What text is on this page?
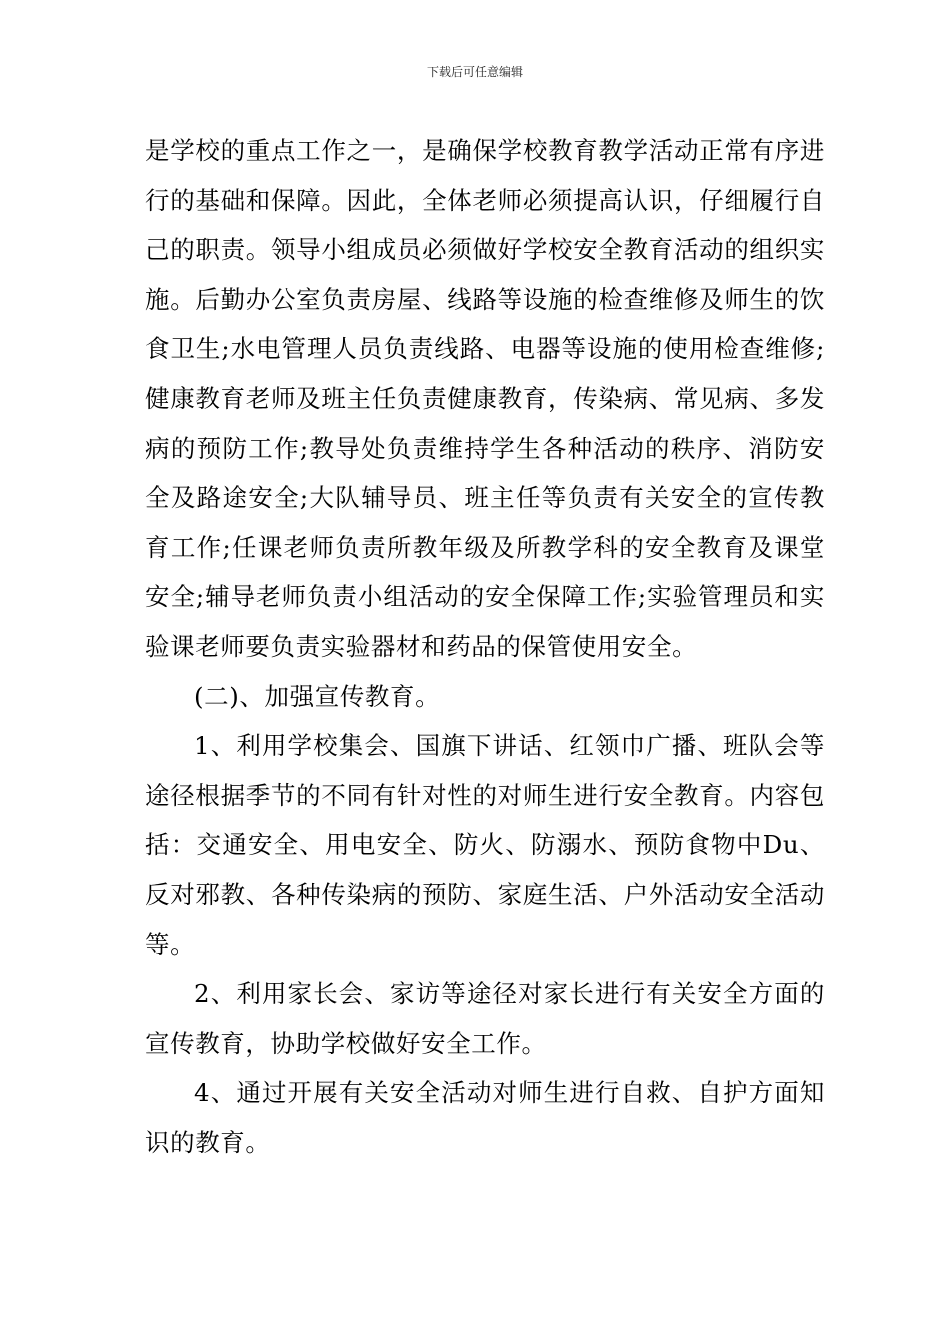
下载后可任意编辑

是学校的重点工作之一，是确保学校教育教学活动正常有序进行的基础和保障。因此，全体老师必须提高认识，仔细履行自己的职责。领导小组成员必须做好学校安全教育活动的组织实施。后勤办公室负责房屋、线路等设施的检查维修及师生的饮食卫生;水电管理人员负责线路、电器等设施的使用检查维修;健康教育老师及班主任负责健康教育，传染病、常见病、多发病的预防工作;教导处负责维持学生各种活动的秩序、消防安全及路途安全;大队辅导员、班主任等负责有关安全的宣传教育工作;任课老师负责所教年级及所教学科的安全教育及课堂安全;辅导老师负责小组活动的安全保障工作;实验管理员和实验课老师要负责实验器材和药品的保管使用安全。

(二)、加强宣传教育。

1、利用学校集会、国旗下讲话、红领巾广播、班队会等途径根据季节的不同有针对性的对师生进行安全教育。内容包括：交通安全、用电安全、防火、防溺水、预防食物中Du、反对邪教、各种传染病的预防、家庭生活、户外活动安全活动等。

2、利用家长会、家访等途径对家长进行有关安全方面的宣传教育，协助学校做好安全工作。

4、通过开展有关安全活动对师生进行自救、自护方面知识的教育。
